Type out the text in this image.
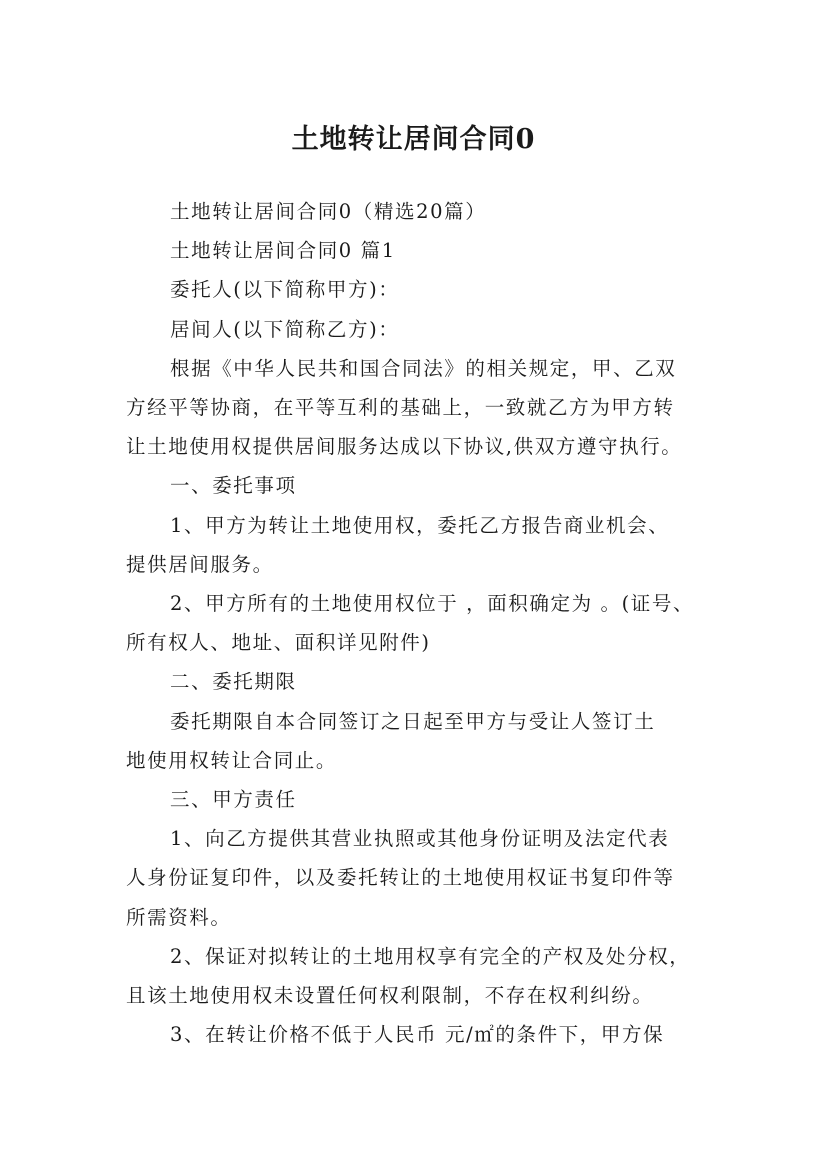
土地转让居间合同0
土地转让居间合同0（精选20篇）
土地转让居间合同0 篇1
委托人(以下简称甲方)：
居间人(以下简称乙方)：
根据《中华人民共和国合同法》的相关规定，甲、乙双
方经平等协商，在平等互利的基础上，一致就乙方为甲方转
让土地使用权提供居间服务达成以下协议,供双方遵守执行。
一、委托事项
1、甲方为转让土地使用权，委托乙方报告商业机会、
提供居间服务。
2、甲方所有的土地使用权位于 ，面积确定为 。(证号、
所有权人、地址、面积详见附件)
二、委托期限
委托期限自本合同签订之日起至甲方与受让人签订土
地使用权转让合同止。
三、甲方责任
1、向乙方提供其营业执照或其他身份证明及法定代表
人身份证复印件，以及委托转让的土地使用权证书复印件等
所需资料。
2、保证对拟转让的土地用权享有完全的产权及处分权，
且该土地使用权未设置任何权利限制，不存在权利纠纷。
3、在转让价格不低于人民币 元/㎡的条件下，甲方保
